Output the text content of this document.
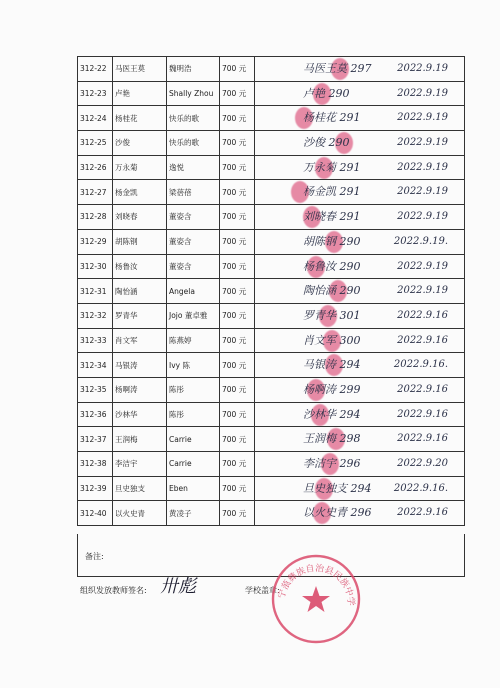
312-22	马医王莫	魏明浩	700 元	马医王莫 297 2022.9.19

312-23	卢艳	Shally Zhou	700 元	卢艳 290 2022.9.19

312-24	杨桂花	快乐的歌	700 元	杨桂花 291 2022.9.19

312-25	沙俊	快乐的歌	700 元	沙俊 290 2022.9.19

312-26	万永菊	逸悦	700 元	万永菊 291 2022.9.19

312-27	杨金凯	梁蓓蓓	700 元	杨金凯 291 2022.9.19

312-28	刘晓春	董姿含	700 元	刘晓春 291 2022.9.19

312-29	胡陈钢	董姿含	700 元	胡陈钢 290 2022.9.19.

312-30	杨鲁汝	董姿含	700 元	杨鲁汝 290 2022.9.19

312-31	陶怡涵	Angela	700 元	陶怡涵 290 2022.9.19

312-32	罗青华	Jojo 董卓雅	700 元	罗青华 301 2022.9.16

312-33	肖文军	陈燕婷	700 元	肖文军 300 2022.9.16

312-34	马银涛	Ivy 陈	700 元	马银涛 294 2022.9.16.

312-35	杨啊涛	陈彤	700 元	杨啊涛 299 2022.9.16

312-36	沙林华	陈彤	700 元	沙林华 294 2022.9.16

312-37	王润梅	Carrie	700 元	王润梅 298 2022.9.16

312-38	李洁宇	Carrie	700 元	李洁宇 296 2022.9.20

312-39	旦史独支	Eben	700 元	旦史独支 294 2022.9.16.

312-40	以火史青	黄凌子	700 元	以火史青 296 2022.9.16
备注:
组织发放教师签名: 卅彪	学校盖章:
宁蒗彝族自治县民族中学
